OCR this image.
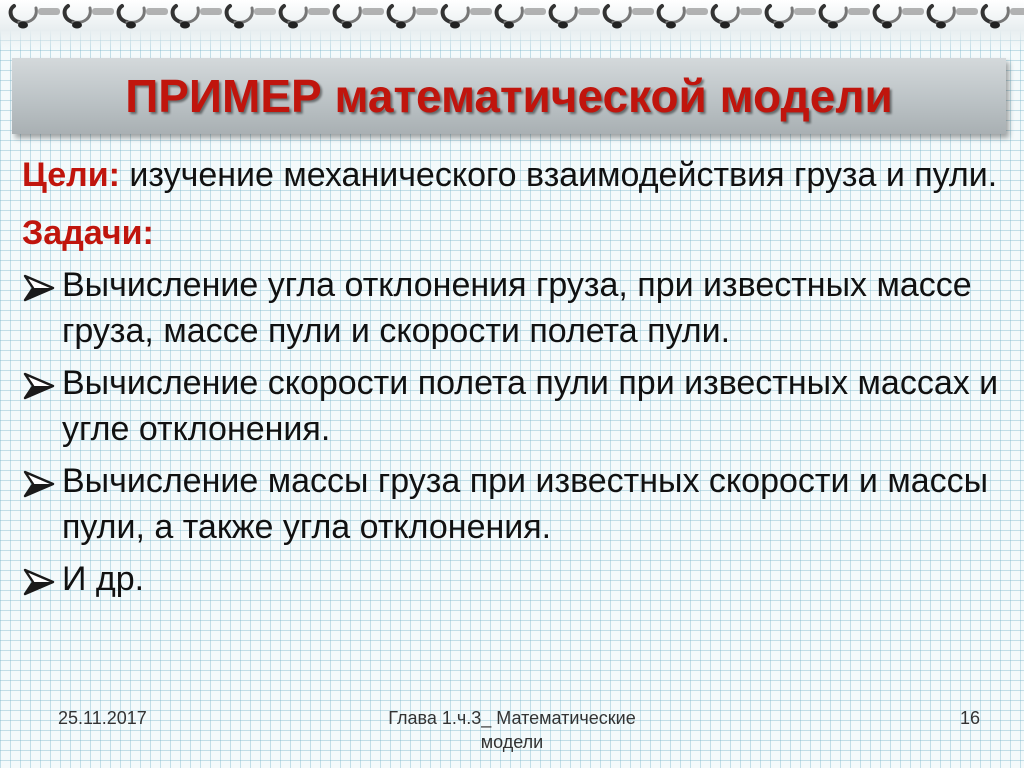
ПРИМЕР математической модели

Цели: изучение механического взаимодействия груза и пули.

Задачи:

Вычисление угла отклонения груза, при известных массе груза, массе пули и скорости полета пули.
Вычисление скорости полета пули при известных массах и угле отклонения.
Вычисление массы груза при известных скорости и массы пули, а также угла отклонения.
И др.
25.11.2017	Глава 1.ч.3_ Математические модели
16
